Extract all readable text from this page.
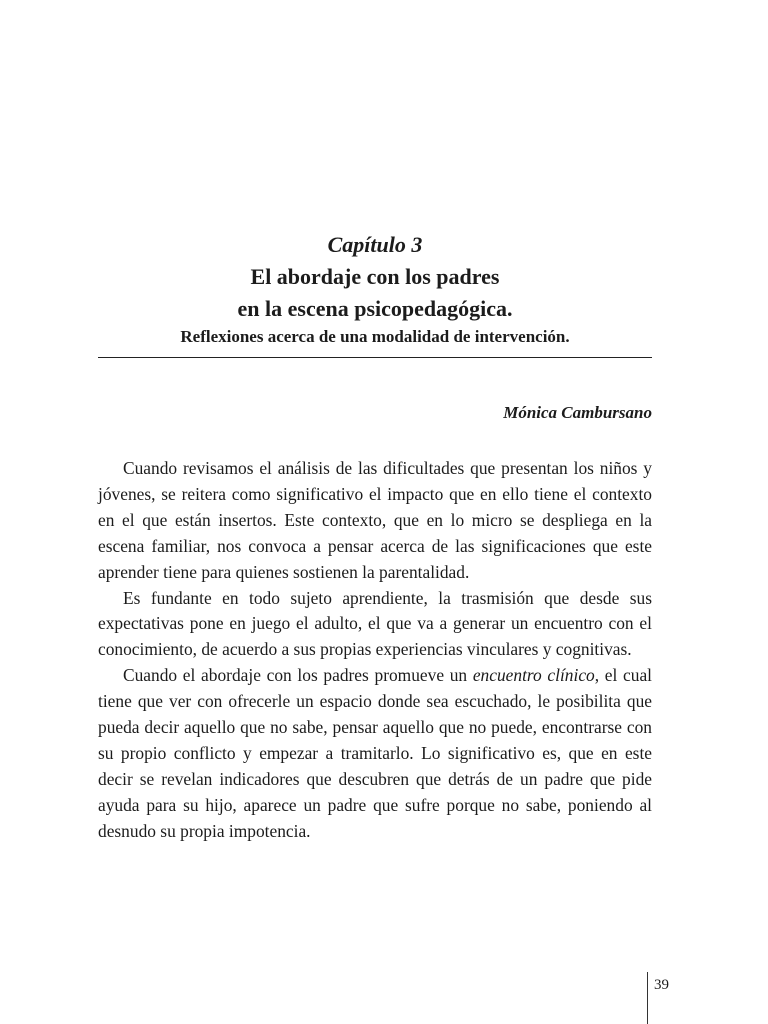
Capítulo 3

El abordaje con los padres

en la escena psicopedagógica.

Reflexiones acerca de una modalidad de intervención.

Mónica Cambursano

Cuando revisamos el análisis de las dificultades que presentan los niños y jóvenes, se reitera como significativo el impacto que en ello tiene el contexto en el que están insertos. Este contexto, que en lo micro se despliega en la escena familiar, nos convoca a pensar acerca de las significaciones que este aprender tiene para quienes sostienen la parentalidad.

Es fundante en todo sujeto aprendiente, la trasmisión que desde sus expectativas pone en juego el adulto, el que va a generar un encuentro con el conocimiento, de acuerdo a sus propias experiencias vinculares y cognitivas.

Cuando el abordaje con los padres promueve un encuentro clínico, el cual tiene que ver con ofrecerle un espacio donde sea escuchado, le posibilita que pueda decir aquello que no sabe, pensar aquello que no puede, encontrarse con su propio conflicto y empezar a tramitarlo. Lo significativo es, que en este decir se revelan indicadores que descubren que detrás de un padre que pide ayuda para su hijo, aparece un padre que sufre porque no sabe, poniendo al desnudo su propia impotencia.

39
